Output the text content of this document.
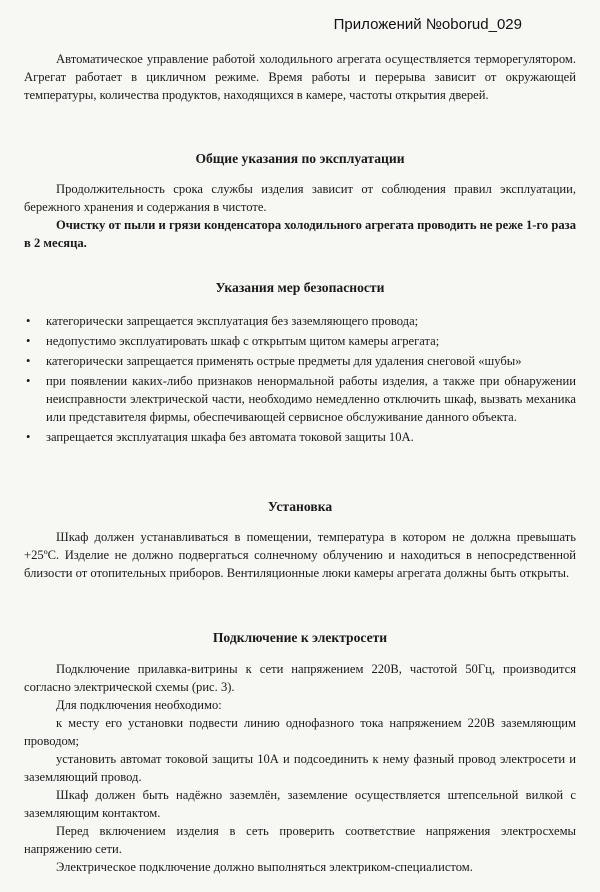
Приложений №oborud_029
Автоматическое управление работой холодильного агрегата осуществляется терморегулятором. Агрегат работает в цикличном режиме. Время работы и перерыва зависит от окружающей температуры, количества продуктов, находящихся в камере, частоты открытия дверей.
Общие указания по эксплуатации
Продолжительность срока службы изделия зависит от соблюдения правил эксплуатации, бережного хранения и содержания в чистоте.
Очистку от пыли и грязи конденсатора холодильного агрегата проводить не реже 1-го раза в 2 месяца.
Указания мер безопасности
• категорически запрещается эксплуатация без заземляющего провода;
• недопустимо эксплуатировать шкаф с открытым щитом камеры агрегата;
• категорически запрещается применять острые предметы для удаления снеговой «шубы»
• при появлении каких-либо признаков ненормальной работы изделия, а также при обнаружении неисправности электрической части, необходимо немедленно отключить шкаф, вызвать механика или представителя фирмы, обеспечивающей сервисное обслуживание данного объекта.
• запрещается эксплуатация шкафа без автомата токовой защиты 10А.
Установка
Шкаф должен устанавливаться в помещении, температура в котором не должна превышать +25ºС. Изделие не должно подвергаться солнечному облучению и находиться в непосредственной близости от отопительных приборов. Вентиляционные люки камеры агрегата должны быть открыты.
Подключение к электросети

Подключение прилавка-витрины к сети напряжением 220В, частотой 50Гц, производится согласно электрической схемы (рис. 3).

Для подключения необходимо:

к месту его установки подвести линию однофазного тока напряжением 220В заземляющим проводом;

установить автомат токовой защиты 10А и подсоединить к нему фазный провод электросети и заземляющий провод.

Шкаф должен быть надёжно заземлён, заземление осуществляется штепсельной вилкой с заземляющим контактом.

Перед включением изделия в сеть проверить соответствие напряжения электросхемы напряжению сети.

Электрическое подключение должно выполняться электриком-специалистом.
